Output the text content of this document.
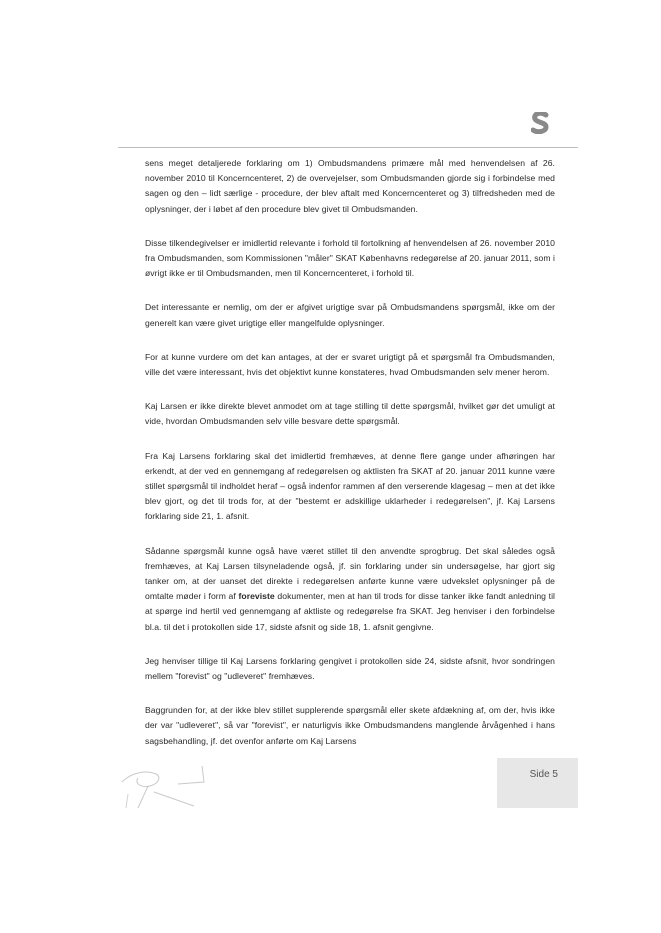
sens meget detaljerede forklaring om 1) Ombudsmandens primære mål med henvendelsen af 26. november 2010 til Koncerncenteret, 2) de overvejelser, som Ombudsmanden gjorde sig i forbindelse med sagen og den – lidt særlige - procedure, der blev aftalt med Koncerncenteret og 3) tilfredsheden med de oplysninger, der i løbet af den procedure blev givet til Ombudsmanden.

Disse tilkendegivelser er imidlertid relevante i forhold til fortolkning af henvendelsen af 26. november 2010 fra Ombudsmanden, som Kommissionen "måler" SKAT Københavns redegørelse af 20. januar 2011, som i øvrigt ikke er til Ombudsmanden, men til Koncerncenteret, i forhold til.

Det interessante er nemlig, om der er afgivet urigtige svar på Ombudsmandens spørgsmål, ikke om der generelt kan være givet urigtige eller mangelfulde oplysninger.

For at kunne vurdere om det kan antages, at der er svaret urigtigt på et spørgsmål fra Ombudsmanden, ville det være interessant, hvis det objektivt kunne konstateres, hvad Ombudsmanden selv mener herom.

Kaj Larsen er ikke direkte blevet anmodet om at tage stilling til dette spørgsmål, hvilket gør det umuligt at vide, hvordan Ombudsmanden selv ville besvare dette spørgsmål.

Fra Kaj Larsens forklaring skal det imidlertid fremhæves, at denne flere gange under afhøringen har erkendt, at der ved en gennemgang af redegørelsen og aktlisten fra SKAT af 20. januar 2011 kunne være stillet spørgsmål til indholdet heraf – også indenfor rammen af den verserende klagesag – men at det ikke blev gjort, og det til trods for, at der "bestemt er adskillige uklarheder i redegørelsen", jf. Kaj Larsens forklaring side 21, 1. afsnit.

Sådanne spørgsmål kunne også have været stillet til den anvendte sprogbrug. Det skal således også fremhæves, at Kaj Larsen tilsyneladende også, jf. sin forklaring under sin undersøgelse, har gjort sig tanker om, at der uanset det direkte i redegørelsen anførte kunne være udvekslet oplysninger på de omtalte møder i form af foreviste dokumenter, men at han til trods for disse tanker ikke fandt anledning til at spørge ind hertil ved gennemgang af aktliste og redegørelse fra SKAT. Jeg henviser i den forbindelse bl.a. til det i protokollen side 17, sidste afsnit og side 18, 1. afsnit gengivne.

Jeg henviser tillige til Kaj Larsens forklaring gengivet i protokollen side 24, sidste afsnit, hvor sondringen mellem "forevist" og "udleveret" fremhæves.

Baggrunden for, at der ikke blev stillet supplerende spørgsmål eller skete afdækning af, om der, hvis ikke der var "udleveret", så var "forevist", er naturligvis ikke Ombudsmandens manglende årvågenhed i hans sagsbehandling, jf. det ovenfor anførte om Kaj Larsens

Side 5
